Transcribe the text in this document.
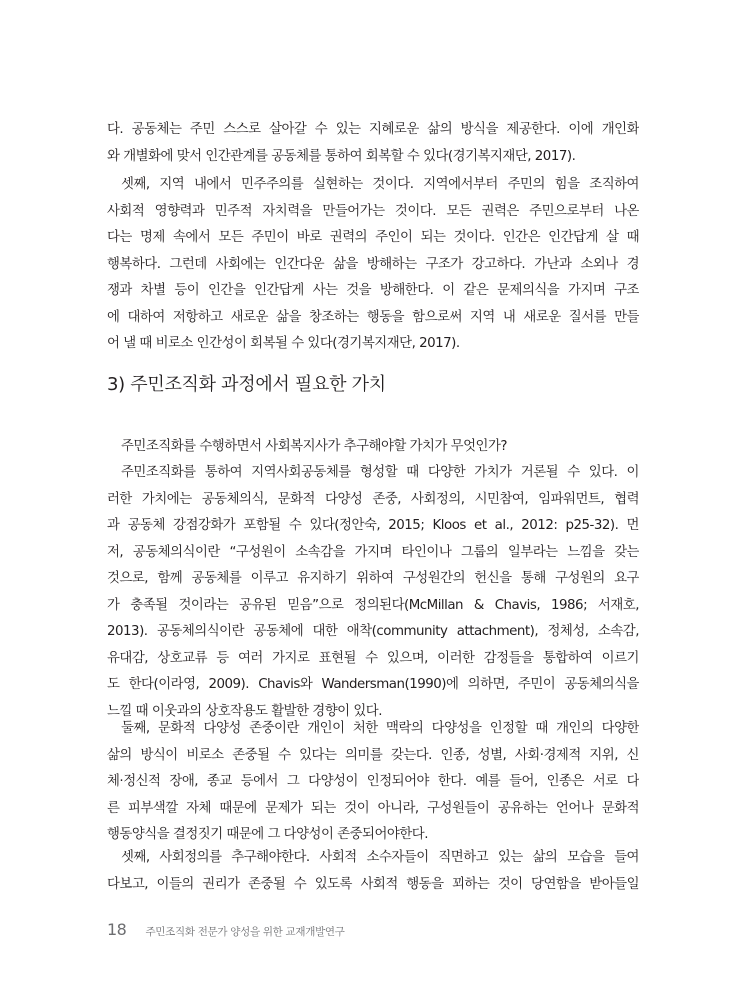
다. 공동체는 주민 스스로 살아갈 수 있는 지혜로운 삶의 방식을 제공한다. 이에 개인화
와 개별화에 맞서 인간관계를 공동체를 통하여 회복할 수 있다(경기복지재단, 2017).
셋째, 지역 내에서 민주주의를 실현하는 것이다. 지역에서부터 주민의 힘을 조직하여
사회적 영향력과 민주적 자치력을 만들어가는 것이다. 모든 권력은 주민으로부터 나온
다는 명제 속에서 모든 주민이 바로 권력의 주인이 되는 것이다. 인간은 인간답게 살 때
행복하다. 그런데 사회에는 인간다운 삶을 방해하는 구조가 강고하다. 가난과 소외나 경
쟁과 차별 등이 인간을 인간답게 사는 것을 방해한다. 이 같은 문제의식을 가지며 구조
에 대하여 저항하고 새로운 삶을 창조하는 행동을 함으로써 지역 내 새로운 질서를 만들
어 낼 때 비로소 인간성이 회복될 수 있다(경기복지재단, 2017).
3) 주민조직화 과정에서 필요한 가치
주민조직화를 수행하면서 사회복지사가 추구해야할 가치가 무엇인가?
주민조직화를 통하여 지역사회공동체를 형성할 때 다양한 가치가 거론될 수 있다. 이
러한 가치에는 공동체의식, 문화적 다양성 존중, 사회정의, 시민참여, 임파워먼트, 협력
과 공동체 강점강화가 포함될 수 있다(정안숙, 2015; Kloos et al., 2012: p25-32). 먼
저, 공동체의식이란 “구성원이 소속감을 가지며 타인이나 그룹의 일부라는 느낌을 갖는
것으로, 함께 공동체를 이루고 유지하기 위하여 구성원간의 헌신을 통해 구성원의 요구
가 충족될 것이라는 공유된 믿음”으로 정의된다(McMillan & Chavis, 1986; 서재호,
2013). 공동체의식이란 공동체에 대한 애착(community attachment), 정체성, 소속감,
유대감, 상호교류 등 여러 가지로 표현될 수 있으며, 이러한 감정들을 통합하여 이르기
도 한다(이라영, 2009). Chavis와 Wandersman(1990)에 의하면, 주민이 공동체의식을
느낄 때 이웃과의 상호작용도 활발한 경향이 있다.
둘째, 문화적 다양성 존중이란 개인이 처한 맥락의 다양성을 인정할 때 개인의 다양한
삶의 방식이 비로소 존중될 수 있다는 의미를 갖는다. 인종, 성별, 사회·경제적 지위, 신
체·정신적 장애, 종교 등에서 그 다양성이 인정되어야 한다. 예를 들어, 인종은 서로 다
른 피부색깔 자체 때문에 문제가 되는 것이 아니라, 구성원들이 공유하는 언어나 문화적
행동양식을 결정짓기 때문에 그 다양성이 존중되어야한다.
셋째, 사회정의를 추구해야한다. 사회적 소수자들이 직면하고 있는 삶의 모습을 들여
다보고, 이들의 권리가 존중될 수 있도록 사회적 행동을 꾀하는 것이 당연함을 받아들일
18 주민조직화 전문가 양성을 위한 교재개발연구
